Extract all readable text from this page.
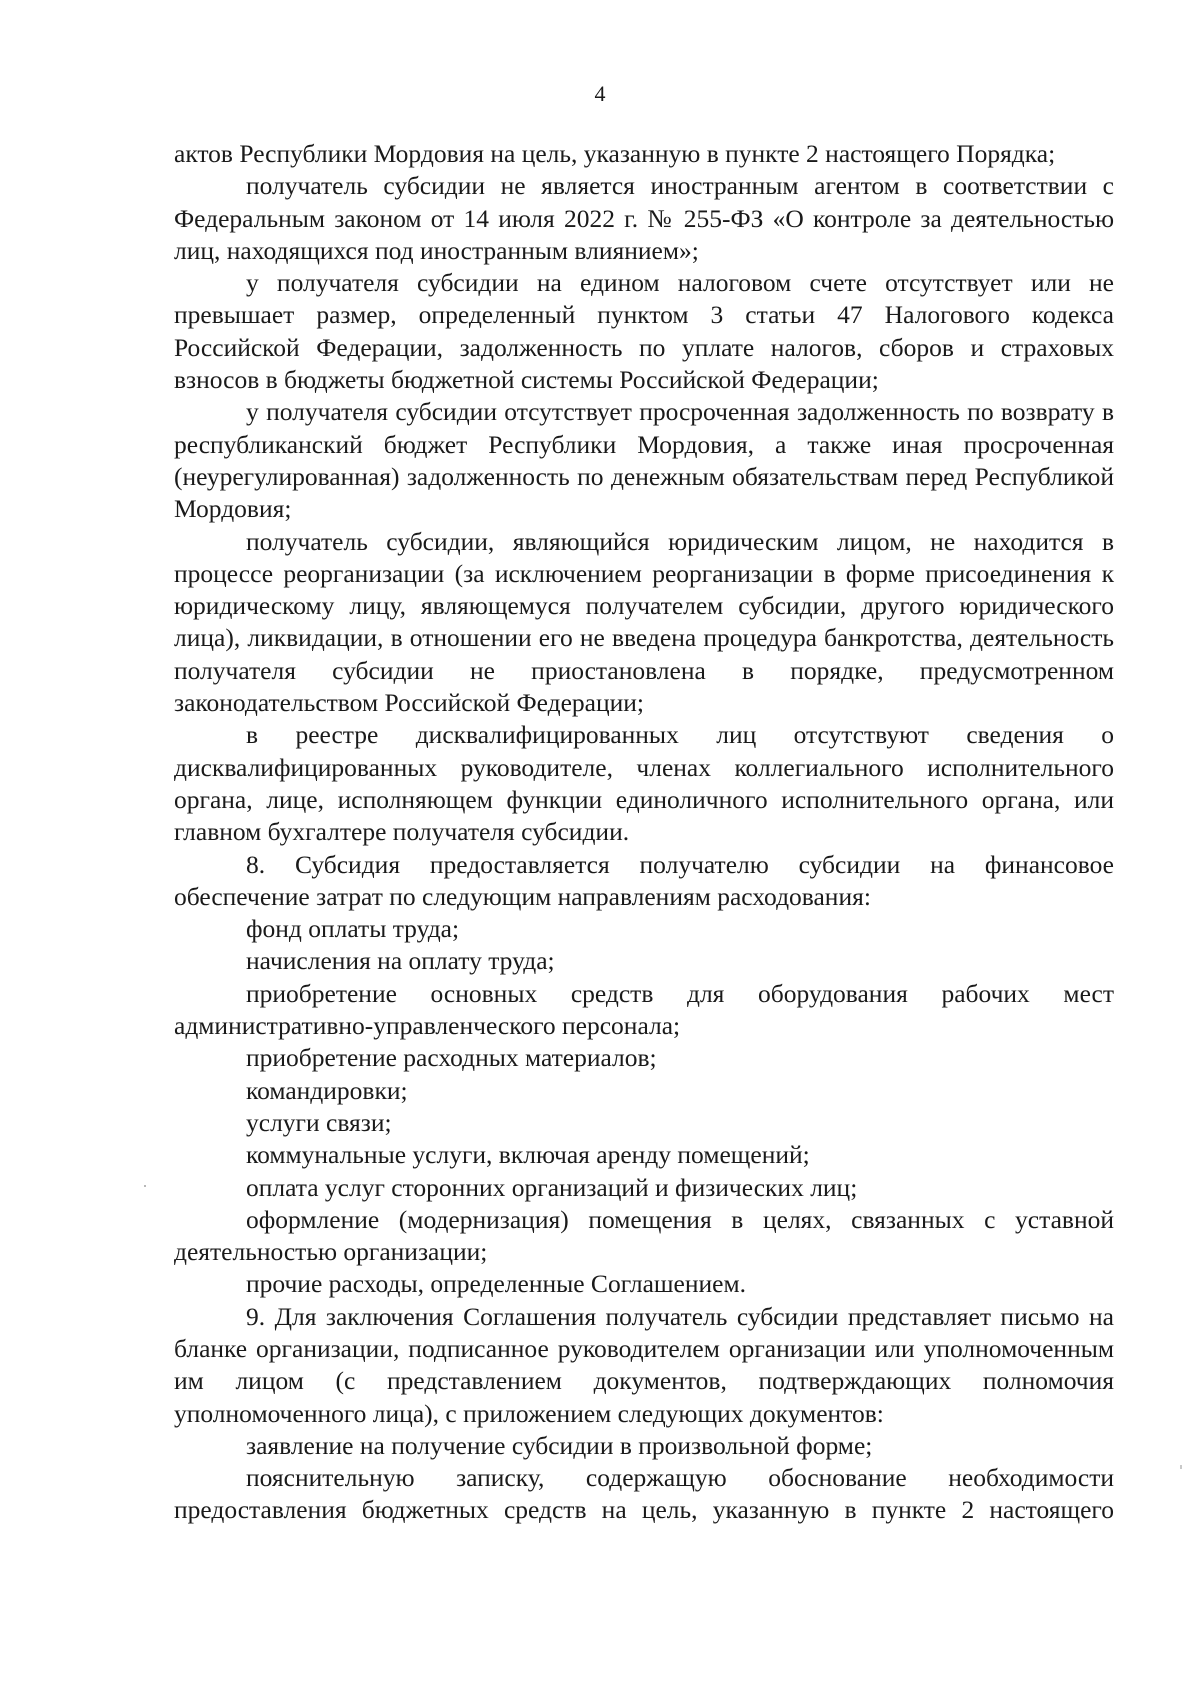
4

актов Республики Мордовия на цель, указанную в пункте 2 настоящего Порядка;

получатель субсидии не является иностранным агентом в соответствии с Федеральным законом от 14 июля 2022 г. № 255-ФЗ «О контроле за деятельностью лиц, находящихся под иностранным влиянием»;

у получателя субсидии на едином налоговом счете отсутствует или не превышает размер, определенный пунктом 3 статьи 47 Налогового кодекса Российской Федерации, задолженность по уплате налогов, сборов и страховых взносов в бюджеты бюджетной системы Российской Федерации;

у получателя субсидии отсутствует просроченная задолженность по возврату в республиканский бюджет Республики Мордовия, а также иная просроченная (неурегулированная) задолженность по денежным обязательствам перед Республикой Мордовия;

получатель субсидии, являющийся юридическим лицом, не находится в процессе реорганизации (за исключением реорганизации в форме присоединения к юридическому лицу, являющемуся получателем субсидии, другого юридического лица), ликвидации, в отношении его не введена процедура банкротства, деятельность получателя субсидии не приостановлена в порядке, предусмотренном законодательством Российской Федерации;

в реестре дисквалифицированных лиц отсутствуют сведения о дисквалифицированных руководителе, членах коллегиального исполнительного органа, лице, исполняющем функции единоличного исполнительного органа, или главном бухгалтере получателя субсидии.

8. Субсидия предоставляется получателю субсидии на финансовое обеспечение затрат по следующим направлениям расходования:

фонд оплаты труда;

начисления на оплату труда;

приобретение основных средств для оборудования рабочих мест административно-управленческого персонала;

приобретение расходных материалов;

командировки;

услуги связи;

коммунальные услуги, включая аренду помещений;

оплата услуг сторонних организаций и физических лиц;

оформление (модернизация) помещения в целях, связанных с уставной деятельностью организации;

прочие расходы, определенные Соглашением.

9. Для заключения Соглашения получатель субсидии представляет письмо на бланке организации, подписанное руководителем организации или уполномоченным им лицом (с представлением документов, подтверждающих полномочия уполномоченного лица), с приложением следующих документов:

заявление на получение субсидии в произвольной форме;

пояснительную записку, содержащую обоснование необходимости предоставления бюджетных средств на цель, указанную в пункте 2 настоящего
